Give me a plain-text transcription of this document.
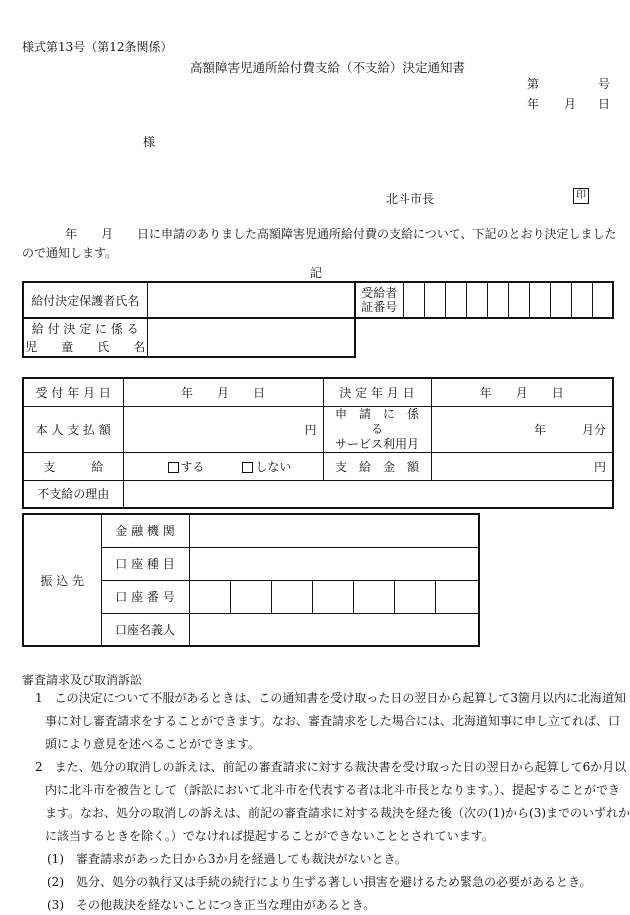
様式第13号（第12条関係）
高額障害児通所給付費支給（不支給）決定通知書
第	号
年 月 日
様
北斗市長	印
年　　月　　日に申請のありました高額障害児通所給付費の支給について、下記のとおり決定しました
ので通知します。
記
給付決定保護者氏名		受給者
証番号										

給 付 決 定 に 係 る
児　　童　　氏　　名												

受 付 年 月 日	年　　月　　日	決 定 年 月 日	年　　月　　日
本 人 支 払 額	円	申　請　に　係　る
サービス利用月	年　　　月分
支　　　給	する しない	支　給　金　額	円
不支給の理由			
振 込 先	金 融 機 関							
	口 座 種 目							
	口 座 番 号							
	口座名義人							
審査請求及び取消訴訟
1　この決定について不服があるときは、この通知書を受け取った日の翌日から起算して3箇月以内に北海道知
事に対し審査請求をすることができます。なお、審査請求をした場合には、北海道知事に申し立てれば、口
頭により意見を述べることができます。
2　また、処分の取消しの訴えは、前記の審査請求に対する裁決書を受け取った日の翌日から起算して6か月以
内に北斗市を被告として（訴訟において北斗市を代表する者は北斗市長となります。）、提起することができ
ます。なお、処分の取消しの訴えは、前記の審査請求に対する裁決を経た後（次の(1)から(3)までのいずれか
に該当するときを除く。）でなければ提起することができないこととされています。
(1)　審査請求があった日から3か月を経過しても裁決がないとき。
(2)　処分、処分の執行又は手続の続行により生ずる著しい損害を避けるため緊急の必要があるとき。
(3)　その他裁決を経ないことにつき正当な理由があるとき。
